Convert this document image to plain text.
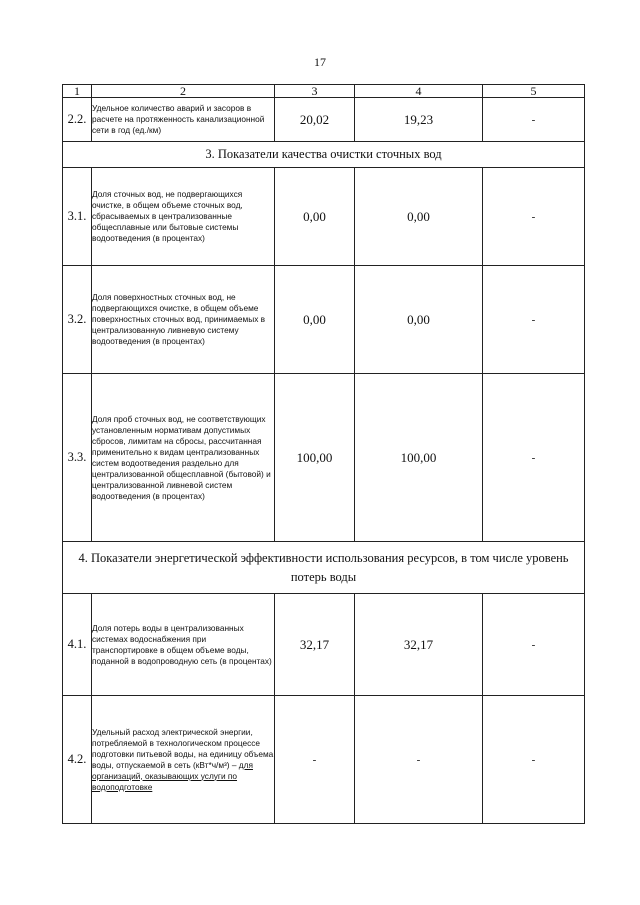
17
1	2	3	4	5
2.2.	Удельное количество аварий и засоров в расчете на протяженность канализационной сети в год (ед./км)	20,02	19,23	-
3. Показатели качества очистки сточных вод				
3.1.	Доля сточных вод, не подвергающихся очистке, в общем объеме сточных вод, сбрасываемых в централизованные общесплавные или бытовые системы водоотведения (в процентах)	0,00	0,00	-
3.2.	Доля поверхностных сточных вод, не подвергающихся очистке, в общем объеме поверхностных сточных вод, принимаемых в централизованную ливневую систему водоотведения (в процентах)	0,00	0,00	-
3.3.	Доля проб сточных вод, не соответствующих установленным нормативам допустимых сбросов, лимитам на сбросы, рассчитанная применительно к видам централизованных систем водоотведения раздельно для централизованной общесплавной (бытовой) и централизованной ливневой систем водоотведения (в процентах)	100,00	100,00	-
4. Показатели энергетической эффективности использования ресурсов, в том числе уровень потерь воды				
4.1.	Доля потерь воды в централизованных системах водоснабжения при транспортировке в общем объеме воды, поданной в водопроводную сеть (в процентах)	32,17	32,17	-
4.2.	Удельный расход электрической энергии, потребляемой в технологическом процессе подготовки питьевой воды, на единицу объема воды, отпускаемой в сеть (кВт*ч/м³) – для организаций, оказывающих услуги по водоподготовке	-	-	-
